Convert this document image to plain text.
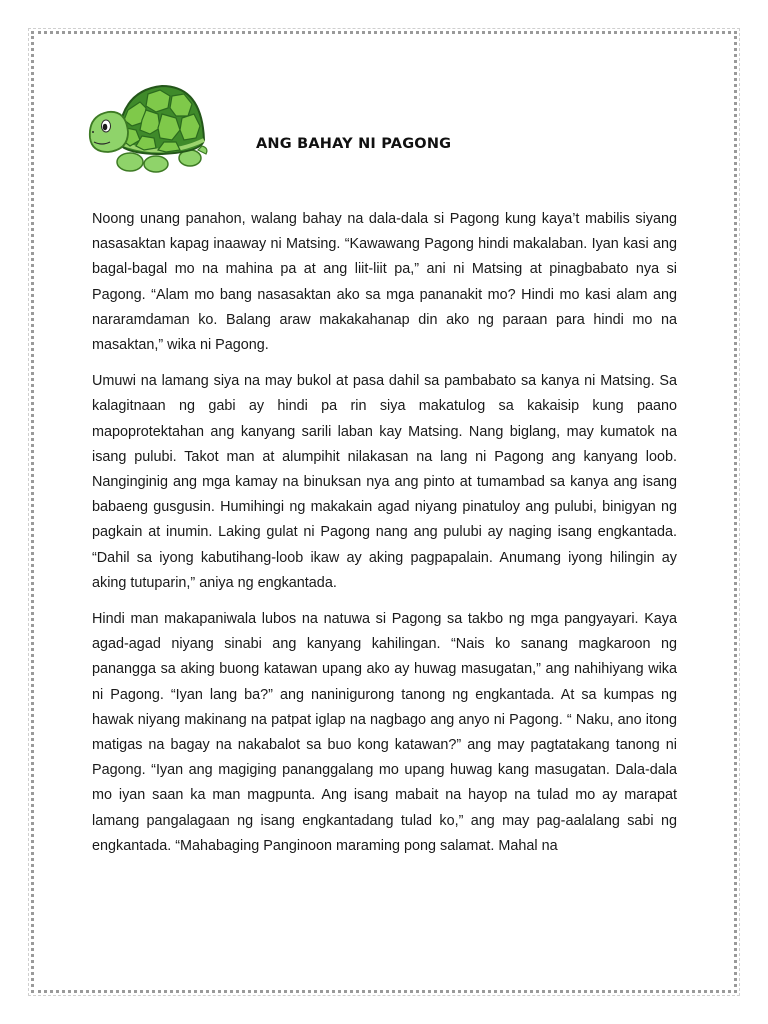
ANG BAHAY NI PAGONG

Noong unang panahon, walang bahay na dala-dala si Pagong kung kaya’t mabilis siyang nasasaktan kapag inaaway ni Matsing. “Kawawang Pagong hindi makalaban. Iyan kasi ang bagal-bagal mo na mahina pa at ang liit-liit pa,” ani ni Matsing at pinagbabato nya si Pagong. “Alam mo bang nasasaktan ako sa mga pananakit mo? Hindi mo kasi alam ang nararamdaman ko. Balang araw makakahanap din ako ng paraan para hindi mo na masaktan,” wika ni Pagong.

Umuwi na lamang siya na may bukol at pasa dahil sa pambabato sa kanya ni Matsing. Sa kalagitnaan ng gabi ay hindi pa rin siya makatulog sa kakaisip kung paano mapoprotektahan ang kanyang sarili laban kay Matsing. Nang biglang, may kumatok na isang pulubi. Takot man at alumpihit nilakasan na lang ni Pagong ang kanyang loob. Nanginginig ang mga kamay na binuksan nya ang pinto at tumambad sa kanya ang isang babaeng gusgusin. Humihingi ng makakain agad niyang pinatuloy ang pulubi, binigyan ng pagkain at inumin. Laking gulat ni Pagong nang ang pulubi ay naging isang engkantada. “Dahil sa iyong kabutihang-loob ikaw ay aking pagpapalain. Anumang iyong hilingin ay aking tutuparin,” aniya ng engkantada.

Hindi man makapaniwala lubos na natuwa si Pagong sa takbo ng mga pangyayari. Kaya agad-agad niyang sinabi ang kanyang kahilingan. “Nais ko sanang magkaroon ng panangga sa aking buong katawan upang ako ay huwag masugatan,” ang nahihiyang wika ni Pagong. “Iyan lang ba?” ang naninigurong tanong ng engkantada. At sa kumpas ng hawak niyang makinang na patpat iglap na nagbago ang anyo ni Pagong. “ Naku, ano itong matigas na bagay na nakabalot sa buo kong katawan?” ang may pagtatakang tanong ni Pagong. “Iyan ang magiging pananggalang mo upang huwag kang masugatan. Dala-dala mo iyan saan ka man magpunta. Ang isang mabait na hayop na tulad mo ay marapat lamang pangalagaan ng isang engkantadang tulad ko,” ang may pag-aalalang sabi ng engkantada. “Mahabaging Panginoon maraming pong salamat. Mahal na
